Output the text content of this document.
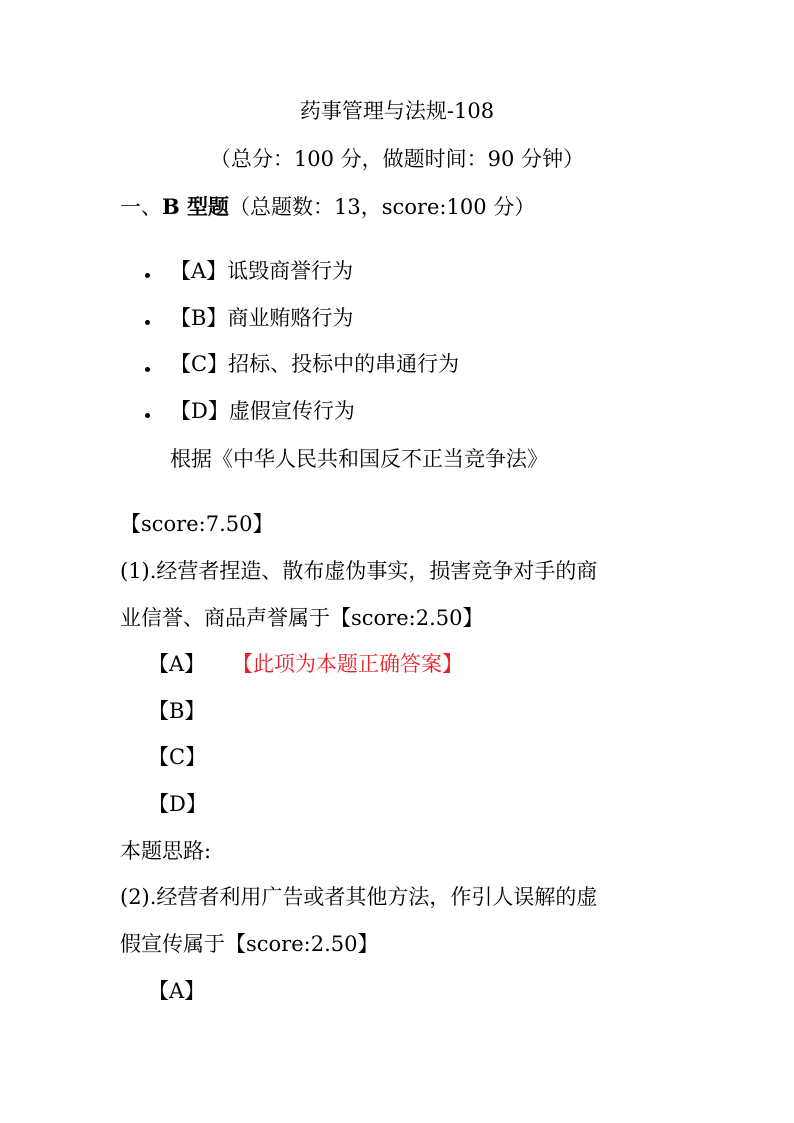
药事管理与法规-108
（总分：100 分，做题时间：90 分钟）
一、B 型题（总题数：13，score:100 分）
【A】诋毁商誉行为
【B】商业贿赂行为
【C】招标、投标中的串通行为
【D】虚假宣传行为
根据《中华人民共和国反不正当竞争法》
【score:7.50】
(1).经营者捏造、散布虚伪事实，损害竞争对手的商
业信誉、商品声誉属于【score:2.50】
【A】 【此项为本题正确答案】
【B】
【C】
【D】
本题思路:
(2).经营者利用广告或者其他方法，作引人误解的虚
假宣传属于【score:2.50】
【A】
